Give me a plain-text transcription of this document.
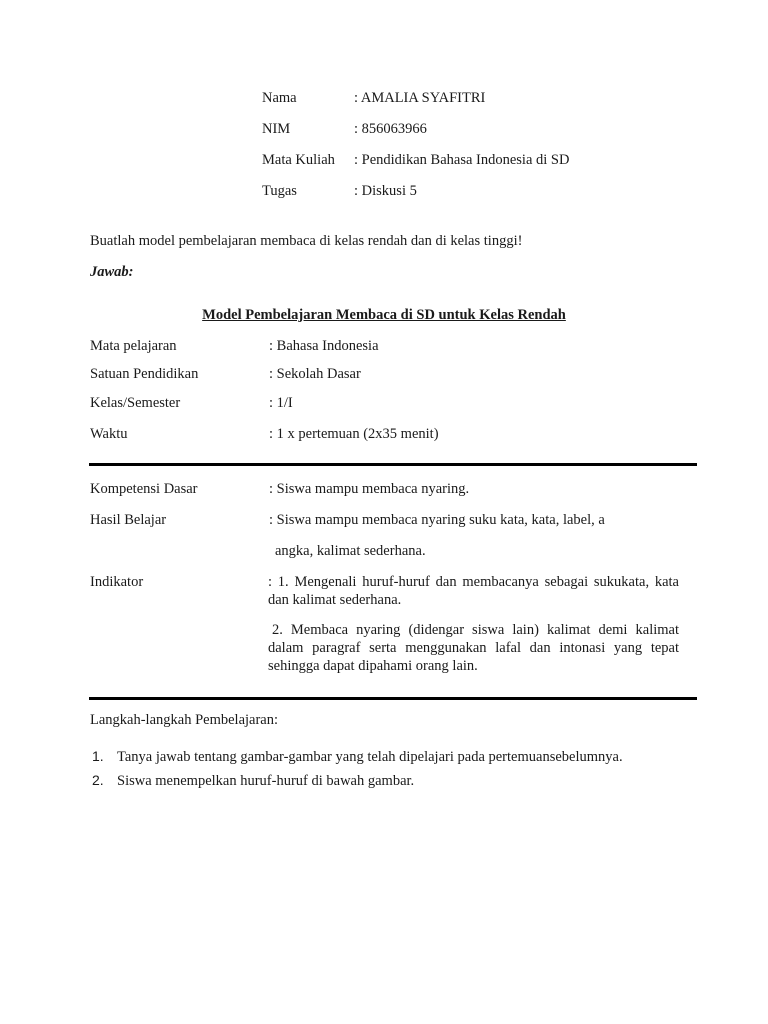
Nama	: AMALIA SYAFITRI
NIM	: 856063966
Mata Kuliah : Pendidikan Bahasa Indonesia di SD
Tugas	: Diskusi 5
Buatlah model pembelajaran membaca di kelas rendah dan di kelas tinggi!
Jawab:
Model Pembelajaran Membaca di SD untuk Kelas Rendah
Mata pelajaran	: Bahasa Indonesia
Satuan Pendidikan	: Sekolah Dasar
Kelas/Semester	: 1/I
Waktu	: 1 x pertemuan (2x35 menit)
Kompetensi Dasar	: Siswa mampu membaca nyaring.
Hasil Belajar	: Siswa mampu membaca nyaring suku kata, kata, label, a
angka, kalimat sederhana.
Indikator	: 1. Mengenali huruf-huruf dan membacanya sebagai sukukata, kata dan kalimat sederhana.
2. Membaca nyaring (didengar siswa lain) kalimat demi kalimat dalam paragraf serta menggunakan lafal dan intonasi yang tepat sehingga dapat dipahami orang lain.
Langkah-langkah Pembelajaran:
1. Tanya jawab tentang gambar-gambar yang telah dipelajari pada pertemuansebelumnya.
2. Siswa menempelkan huruf-huruf di bawah gambar.
